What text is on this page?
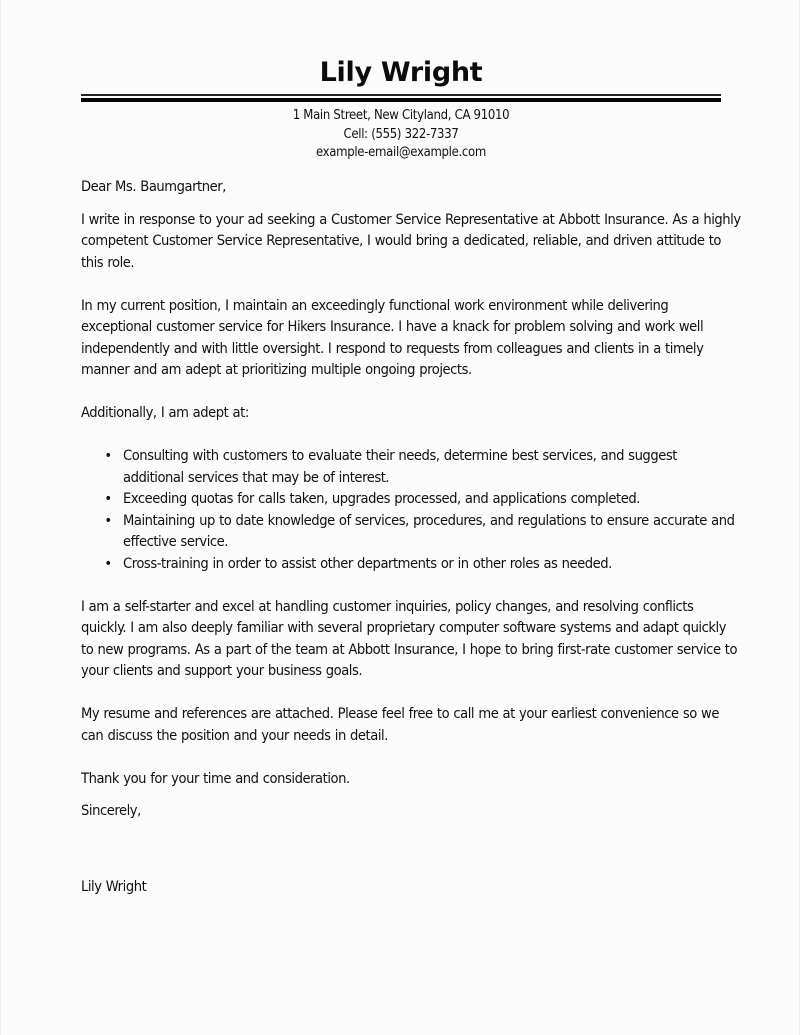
Lily Wright
1 Main Street, New Cityland, CA 91010
Cell: (555) 322-7337
example-email@example.com

Dear Ms. Baumgartner,

I write in response to your ad seeking a Customer Service Representative at Abbott Insurance. As a highly competent Customer Service Representative, I would bring a dedicated, reliable, and driven attitude to this role.

In my current position, I maintain an exceedingly functional work environment while delivering exceptional customer service for Hikers Insurance. I have a knack for problem solving and work well independently and with little oversight. I respond to requests from colleagues and clients in a timely manner and am adept at prioritizing multiple ongoing projects.

Additionally, I am adept at:

• Consulting with customers to evaluate their needs, determine best services, and suggest additional services that may be of interest.
• Exceeding quotas for calls taken, upgrades processed, and applications completed.
• Maintaining up to date knowledge of services, procedures, and regulations to ensure accurate and effective service.
• Cross-training in order to assist other departments or in other roles as needed.

I am a self-starter and excel at handling customer inquiries, policy changes, and resolving conflicts quickly. I am also deeply familiar with several proprietary computer software systems and adapt quickly to new programs. As a part of the team at Abbott Insurance, I hope to bring first-rate customer service to your clients and support your business goals.

My resume and references are attached. Please feel free to call me at your earliest convenience so we can discuss the position and your needs in detail.

Thank you for your time and consideration.

Sincerely,

Lily Wright
